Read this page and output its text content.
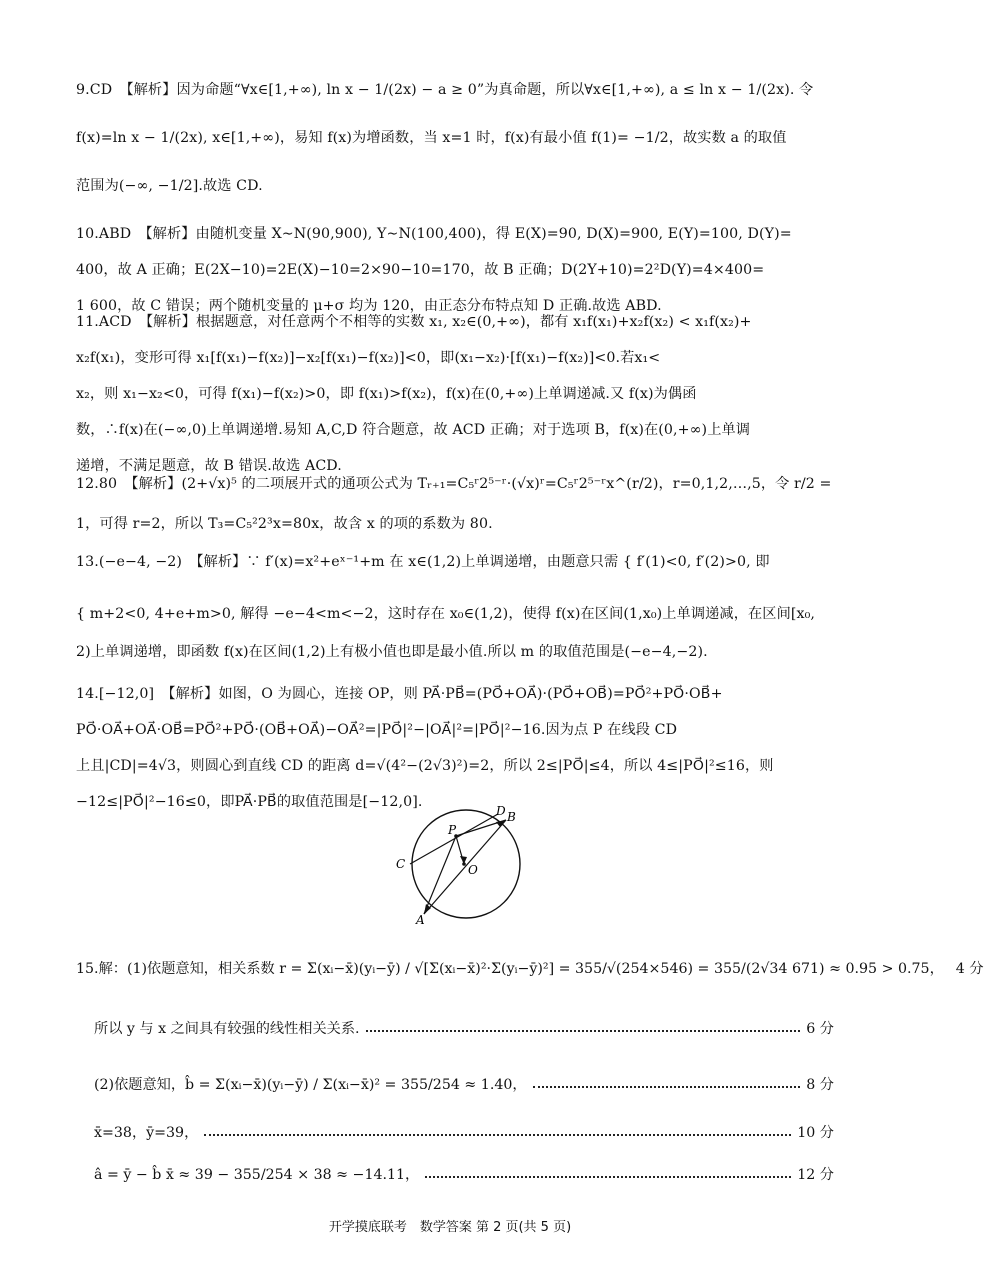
9.CD　【解析】因为命题“∀x∈[1,+∞), ln x − 1/(2x) − a ≥ 0”为真命题，所以∀x∈[1,+∞), a ≤ ln x − 1/(2x). 令
f(x)=ln x − 1/(2x), x∈[1,+∞)，易知 f(x)为增函数，当 x=1 时，f(x)有最小值 f(1)= −1/2，故实数 a 的取值
范围为(−∞, −1/2].故选 CD.
10.ABD　【解析】由随机变量 X∼N(90,900), Y∼N(100,400)，得 E(X)=90, D(X)=900, E(Y)=100, D(Y)=
400，故 A 正确；E(2X−10)=2E(X)−10=2×90−10=170，故 B 正确；D(2Y+10)=2²D(Y)=4×400=
1 600，故 C 错误；两个随机变量的 μ+σ 均为 120，由正态分布特点知 D 正确.故选 ABD.
11.ACD　【解析】根据题意，对任意两个不相等的实数 x₁, x₂∈(0,+∞)，都有 x₁f(x₁)+x₂f(x₂) < x₁f(x₂)+
x₂f(x₁)，变形可得 x₁[f(x₁)−f(x₂)]−x₂[f(x₁)−f(x₂)]<0，即(x₁−x₂)·[f(x₁)−f(x₂)]<0.若x₁<
x₂，则 x₁−x₂<0，可得 f(x₁)−f(x₂)>0，即 f(x₁)>f(x₂)，f(x)在(0,+∞)上单调递减.又 f(x)为偶函
数，∴f(x)在(−∞,0)上单调递增.易知 A,C,D 符合题意，故 ACD 正确；对于选项 B，f(x)在(0,+∞)上单调
递增，不满足题意，故 B 错误.故选 ACD.
12.80　【解析】(2+√x)⁵ 的二项展开式的通项公式为 Tᵣ₊₁=C₅ʳ2⁵⁻ʳ·(√x)ʳ=C₅ʳ2⁵⁻ʳx^(r/2)，r=0,1,2,…,5，令 r/2 =
1，可得 r=2，所以 T₃=C₅²2³x=80x，故含 x 的项的系数为 80.
13.(−e−4, −2)　【解析】∵ f′(x)=x²+eˣ⁻¹+m 在 x∈(1,2)上单调递增，由题意只需 { f′(1)<0, f′(2)>0, 即
{ m+2<0, 4+e+m>0, 解得 −e−4<m<−2，这时存在 x₀∈(1,2)，使得 f(x)在区间(1,x₀)上单调递减，在区间[x₀,
2)上单调递增，即函数 f(x)在区间(1,2)上有极小值也即是最小值.所以 m 的取值范围是(−e−4,−2).
14.[−12,0]　【解析】如图，O 为圆心，连接 OP，则 PA⃗·PB⃗=(PO⃗+OA⃗)·(PO⃗+OB⃗)=PO⃗²+PO⃗·OB⃗+
PO⃗·OA⃗+OA⃗·OB⃗=PO⃗²+PO⃗·(OB⃗+OA⃗)−OA⃗²=|PO⃗|²−|OA⃗|²=|PO⃗|²−16.因为点 P 在线段 CD
上且|CD|=4√3，则圆心到直线 CD 的距离 d=√(4²−(2√3)²)=2，所以 2≤|PO⃗|≤4，所以 4≤|PO⃗|²≤16，则
−12≤|PO⃗|²−16≤0，即PA⃗·PB⃗的取值范围是[−12,0].
P
O
C
D B
A
15.解：(1)依题意知，相关系数 r = Σ(xᵢ−x̄)(yᵢ−ȳ) / √[Σ(xᵢ−x̄)²·Σ(yᵢ−ȳ)²] = 355/√(254×546) = 355/(2√34 671) ≈ 0.95 > 0.75， 4 分
所以 y 与 x 之间具有较强的线性相关关系.	6 分
(2)依题意知，b̂ = Σ(xᵢ−x̄)(yᵢ−ȳ) / Σ(xᵢ−x̄)² = 355/254 ≈ 1.40，	8 分
x̄=38，ȳ=39，	10 分
â = ȳ − b̂ x̄ ≈ 39 − 355/254 × 38 ≈ −14.11，	12 分
开学摸底联考　数学答案 第 2 页(共 5 页)
